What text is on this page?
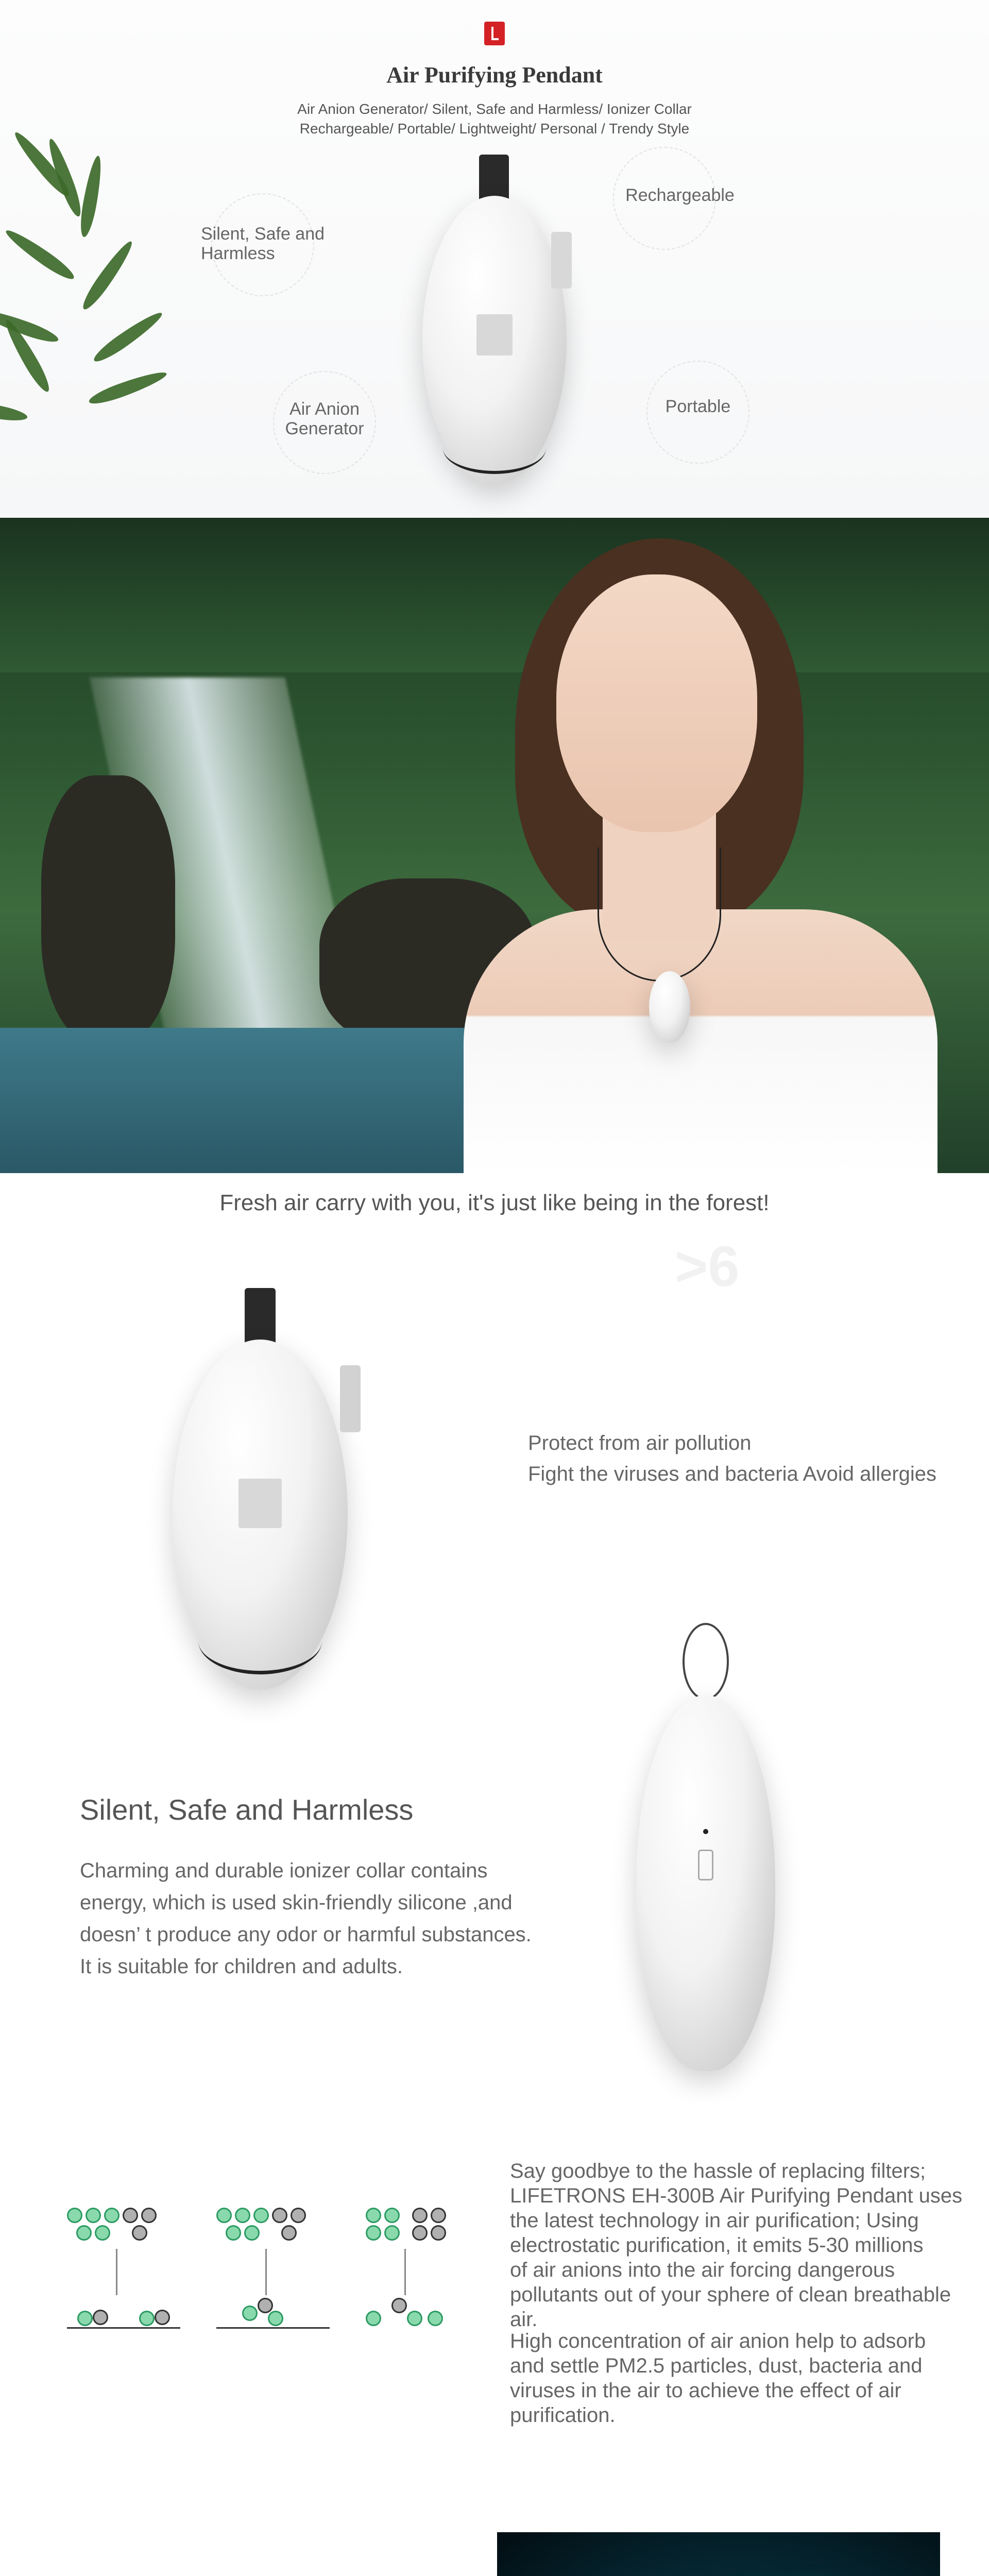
Air Purifying Pendant
Air Anion Generator/ Silent, Safe and Harmless/ Ionizer Collar
Rechargeable/ Portable/ Lightweight/ Personal / Trendy Style
Silent, Safe and
Harmless
Rechargeable
Air Anion
Generator
Portable
Fresh air carry with you, it's just like being in the forest!
>6
Protect from air pollution
Fight the viruses and bacteria Avoid allergies
Silent, Safe and Harmless
Charming and durable ionizer collar contains
energy, which is used skin-friendly silicone ,and
doesn’ t produce any odor or harmful substances.
It is suitable for children and adults.
Say goodbye to the hassle of replacing filters;
LIFETRONS EH-300B Air Purifying Pendant uses
the latest technology in air purification; Using
electrostatic purification, it emits 5-30 millions
of air anions into the air forcing dangerous
pollutants out of your sphere of clean breathable
air.
High concentration of air anion help to adsorb
and settle PM2.5 particles, dust, bacteria and
viruses in the air to achieve the effect of air
purification.
